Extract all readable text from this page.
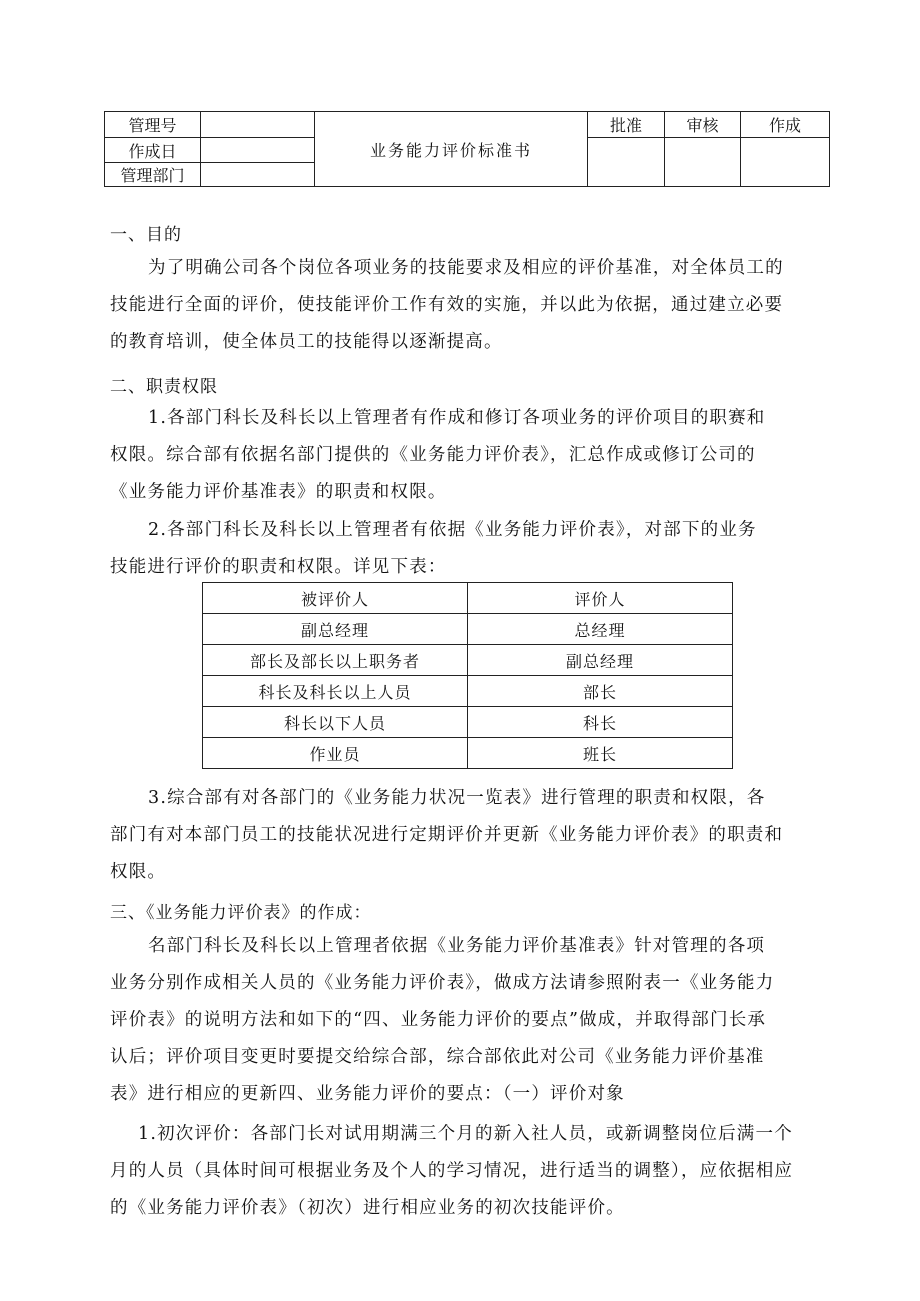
管理号		业务能力评价标准书	批准	审核	作成
作成日					
管理部门					
一、目的

为了明确公司各个岗位各项业务的技能要求及相应的评价基准，对全体员工的

技能进行全面的评价，使技能评价工作有效的实施，并以此为依据，通过建立必要

的教育培训，使全体员工的技能得以逐渐提高。

二、职责权限

1.各部门科长及科长以上管理者有作成和修订各项业务的评价项目的职赛和

权限。综合部有依据名部门提供的《业务能力评价表》，汇总作成或修订公司的

《业务能力评价基准表》的职责和权限。

2.各部门科长及科长以上管理者有依据《业务能力评价表》，对部下的业务

技能进行评价的职责和权限。详见下表：

被评价人	评价人
副总经理	总经理
部长及部长以上职务者	副总经理
科长及科长以上人员	部长
科长以下人员	科长
作业员	班长

3.综合部有对各部门的《业务能力状况一览表》进行管理的职责和权限，各

部门有对本部门员工的技能状况进行定期评价并更新《业务能力评价表》的职责和

权限。

三、《业务能力评价表》的作成：

名部门科长及科长以上管理者依据《业务能力评价基准表》针对管理的各项

业务分别作成相关人员的《业务能力评价表》，做成方法请参照附表一《业务能力

评价表》的说明方法和如下的“四、业务能力评价的要点”做成，并取得部门长承

认后；评价项目变更时要提交给综合部，综合部依此对公司《业务能力评价基准

表》进行相应的更新四、业务能力评价的要点：（一）评价对象

1.初次评价：各部门长对试用期满三个月的新入社人员，或新调整岗位后满一个

月的人员（具体时间可根据业务及个人的学习情况，进行适当的调整），应依据相应

的《业务能力评价表》（初次）进行相应业务的初次技能评价。
